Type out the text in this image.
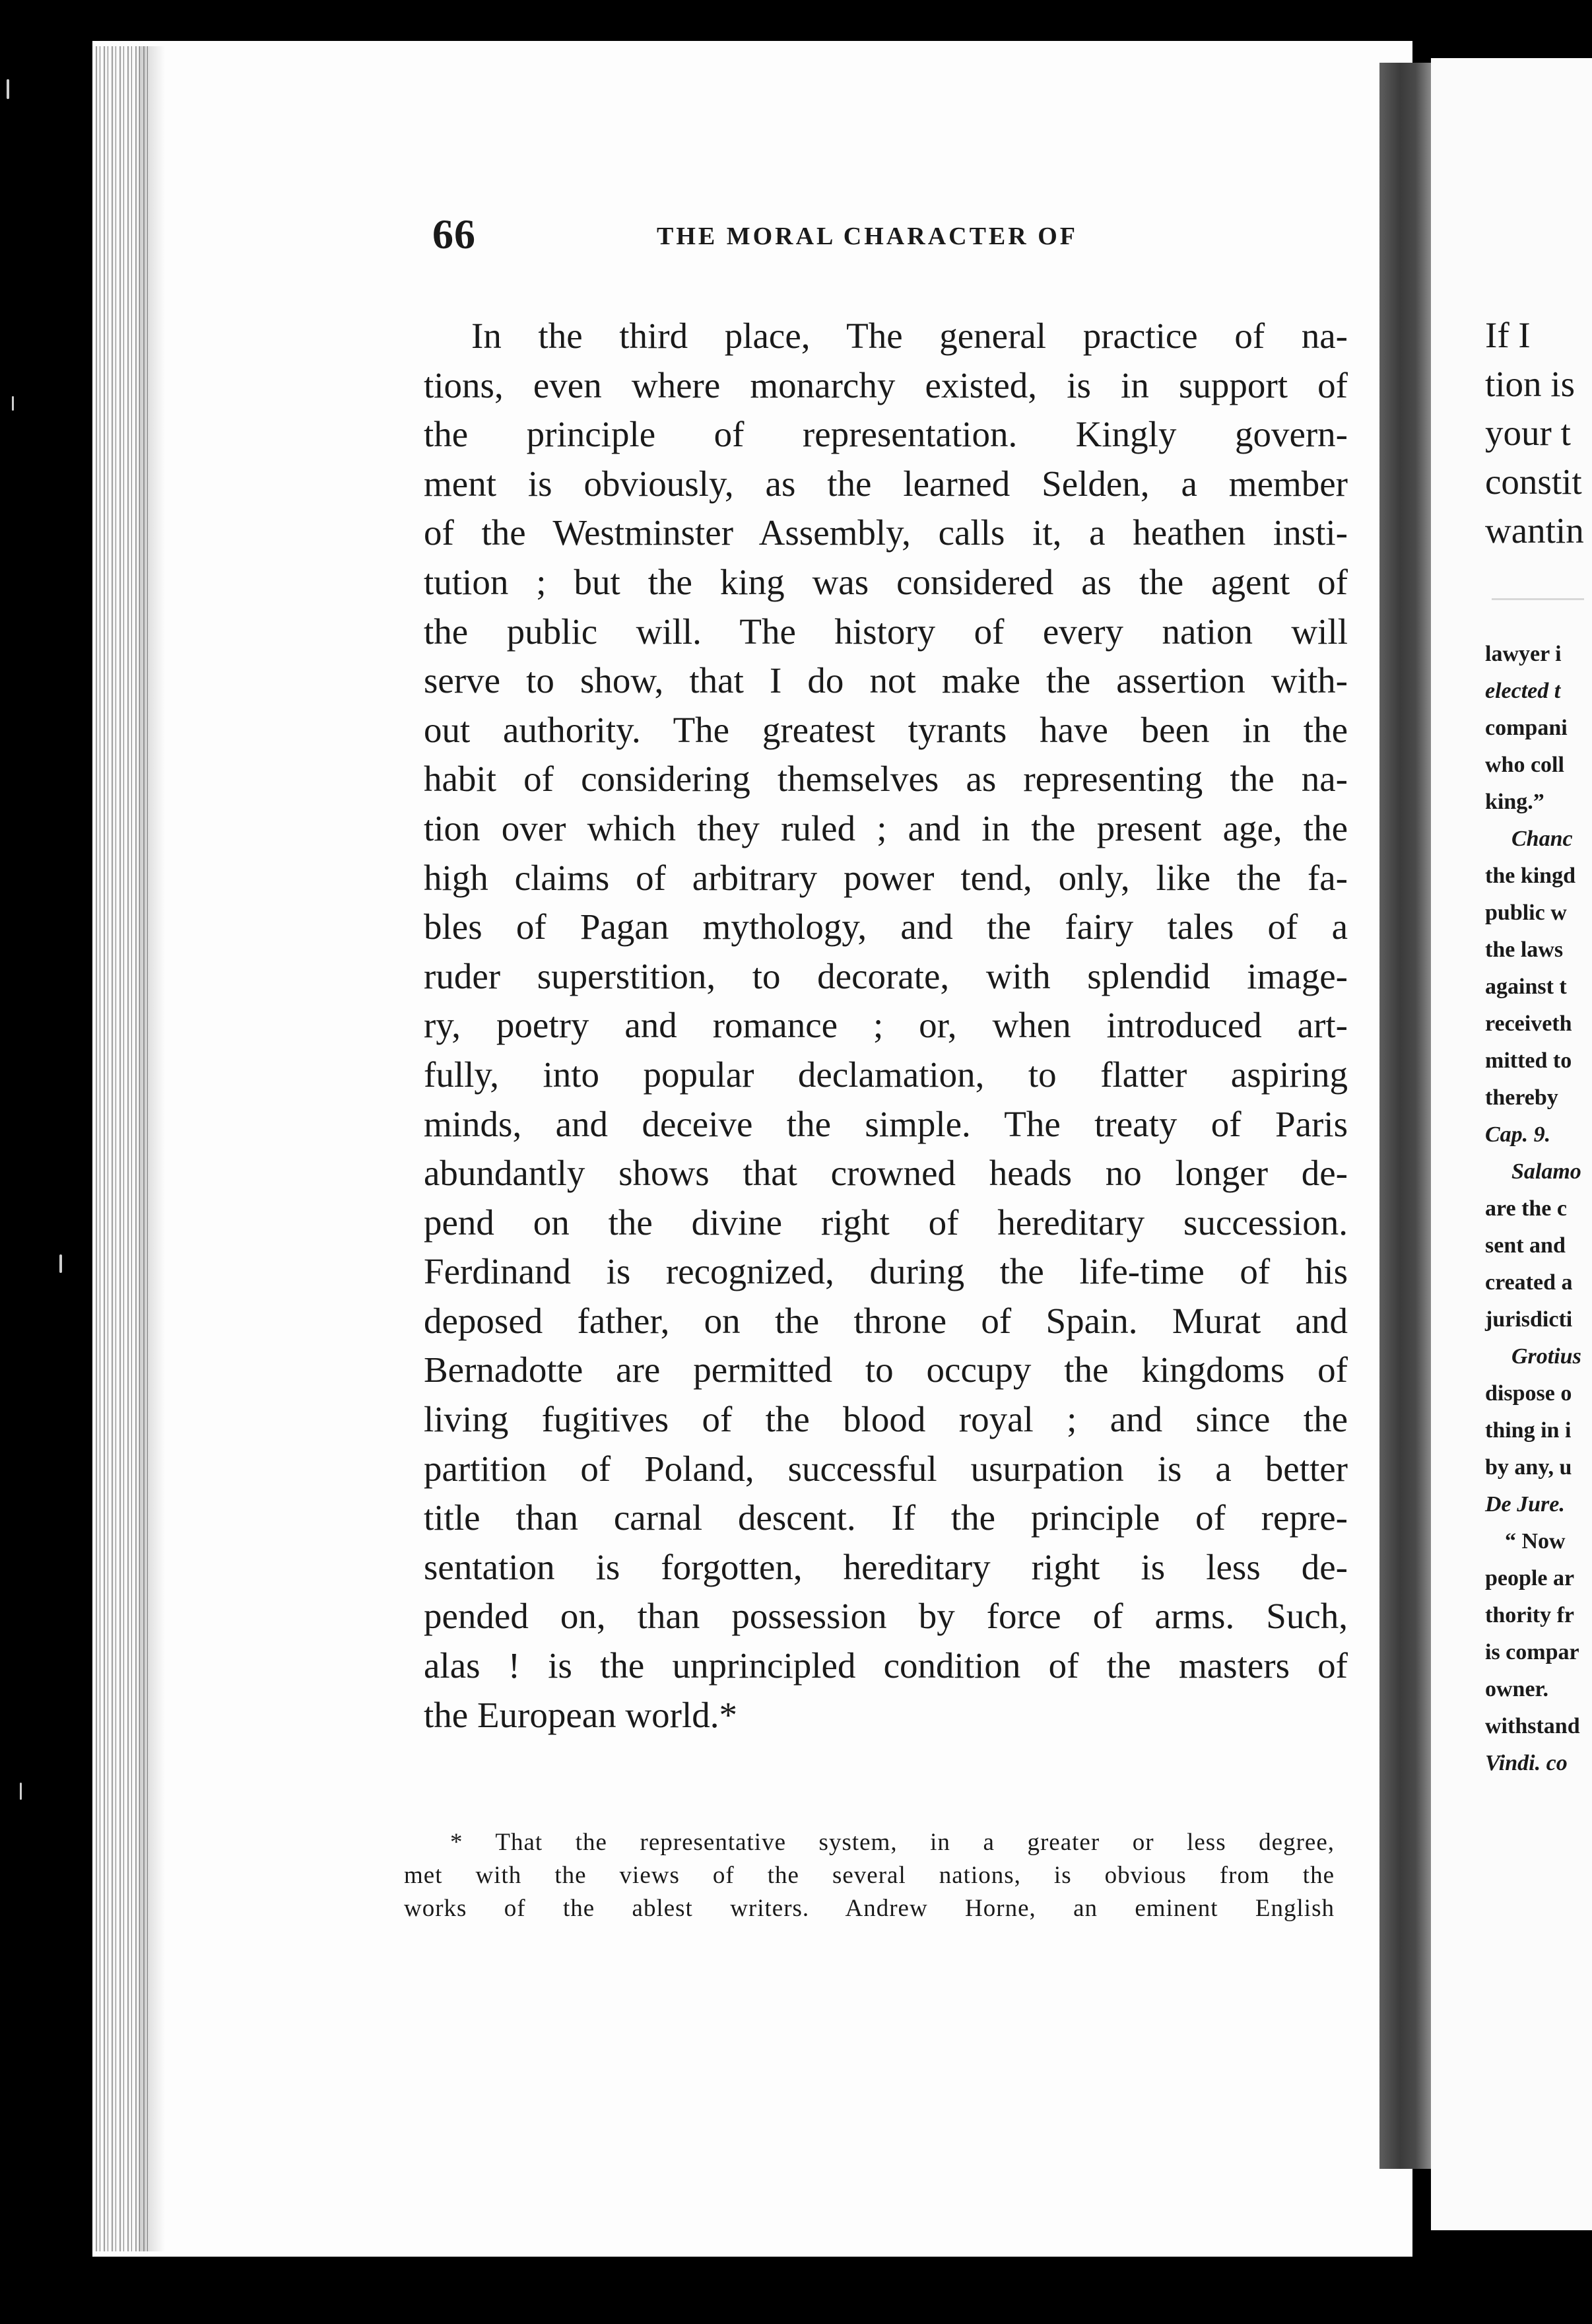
66	THE MORAL CHARACTER OF
In the third place, The general practice of na-
tions, even where monarchy existed, is in support of
the principle of representation. Kingly govern-
ment is obviously, as the learned Selden, a member
of the Westminster Assembly, calls it, a heathen insti-
tution ; but the king was considered as the agent of
the public will. The history of every nation will
serve to show, that I do not make the assertion with-
out authority. The greatest tyrants have been in the
habit of considering themselves as representing the na-
tion over which they ruled ; and in the present age, the
high claims of arbitrary power tend, only, like the fa-
bles of Pagan mythology, and the fairy tales of a
ruder superstition, to decorate, with splendid image-
ry, poetry and romance ; or, when introduced art-
fully, into popular declamation, to flatter aspiring
minds, and deceive the simple. The treaty of Paris
abundantly shows that crowned heads no longer de-
pend on the divine right of hereditary succession.
Ferdinand is recognized, during the life-time of his
deposed father, on the throne of Spain. Murat and
Bernadotte are permitted to occupy the kingdoms of
living fugitives of the blood royal ; and since the
partition of Poland, successful usurpation is a better
title than carnal descent. If the principle of repre-
sentation is forgotten, hereditary right is less de-
pended on, than possession by force of arms. Such,
alas ! is the unprincipled condition of the masters of
the European world.*
* That the representative system, in a greater or less degree,
met with the views of the several nations, is obvious from the
works of the ablest writers. Andrew Horne, an eminent English
If I
tion is
your t
constit
wantin
lawyer i
elected t
compani
who coll
king.”
Chanc
the kingd
public w
the laws
against t
receiveth
mitted to
thereby
Cap. 9.
Salamo
are the c
sent and
created a
jurisdicti
Grotius
dispose o
thing in i
by any, u
De Jure.
“ Now
people ar
thority fr
is compar
owner.
withstand
Vindi. co
